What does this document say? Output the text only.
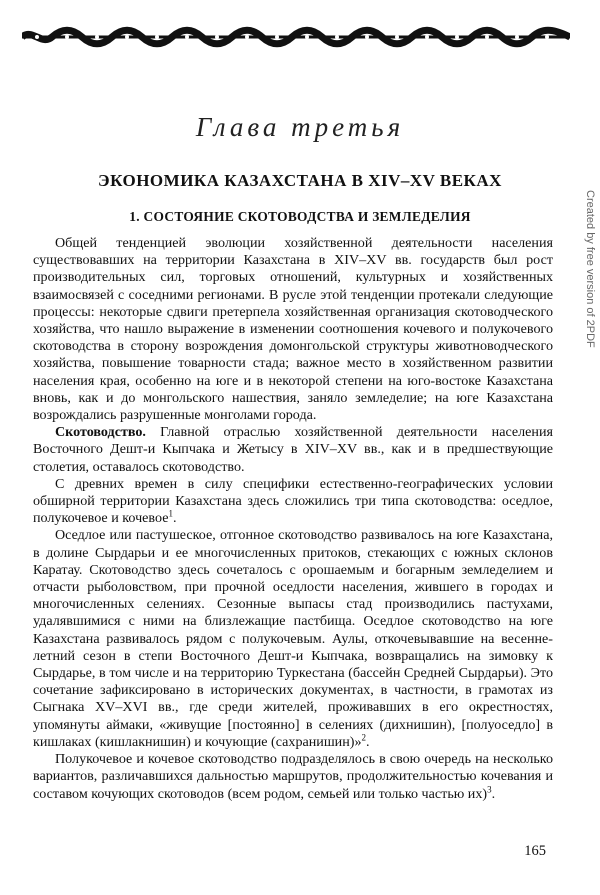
Глава третья
ЭКОНОМИКА КАЗАХСТАНА В XIV–XV ВЕКАХ
1. СОСТОЯНИЕ СКОТОВОДСТВА И ЗЕМЛЕДЕЛИЯ

Общей тенденцией эволюции хозяйственной деятельности населения существовавших на территории Казахстана в XIV–XV вв. государств был рост производительных сил, торговых отношений, культурных и хозяйственных взаимосвязей с соседними регионами. В русле этой тенденции протекали следующие процессы: некоторые сдвиги претерпела хозяйственная организация скотоводческого хозяйства, что нашло выражение в изменении соотношения кочевого и полукочевого скотоводства в сторону возрождения домонгольской структуры животноводческого хозяйства, повышение товарности стада; важное место в хозяйственном развитии населения края, особенно на юге и в некоторой степени на юго-востоке Казахстана вновь, как и до монгольского нашествия, заняло земледелие; на юге Казахстана возрождались разрушенные монголами города.

Скотоводство. Главной отраслью хозяйственной деятельности населения Восточного Дешт-и Кыпчака и Жетысу в XIV–XV вв., как и в предшествующие столетия, оставалось скотоводство.

С древних времен в силу специфики естественно-географических условии обширной территории Казахстана здесь сложились три типа скотоводства: оседлое, полукочевое и кочевое$^1$.

Оседлое или пастушеское, отгонное скотоводство развивалось на юге Казахстана, в долине Сырдарьи и ее многочисленных притоков, стекающих с южных склонов Каратау. Скотоводство здесь сочеталось с орошаемым и богарным земледелием и отчасти рыболовством, при прочной оседлости населения, жившего в городах и многочисленных селениях. Сезонные выпасы стад производились пастухами, удалявшимися с ними на близлежащие пастбища. Оседлое скотоводство на юге Казахстана развивалось рядом с полукочевым. Аулы, откочевывавшие на весенне-летний сезон в степи Восточного Дешт-и Кыпчака, возвращались на зимовку к Сырдарье, в том числе и на территорию Туркестана (бассейн Средней Сырдарьи). Это сочетание зафиксировано в исторических документах, в частности, в грамотах из Сыгнака XV–XVI вв., где среди жителей, проживавших в его окрестностях, упомянуты аймаки, «живущие [постоянно] в селениях (дихнишин), [полуоседло] в кишлаках (кишлакнишин) и кочующие (сахранишин)»$^2$.

Полукочевое и кочевое скотоводство подразделялось в свою очередь на несколько вариантов, различавшихся дальностью маршрутов, продолжительностью кочевания и составом кочующих скотоводов (всем родом, семьей или только частью их)$^3$.

Created by free version of 2PDF
165
